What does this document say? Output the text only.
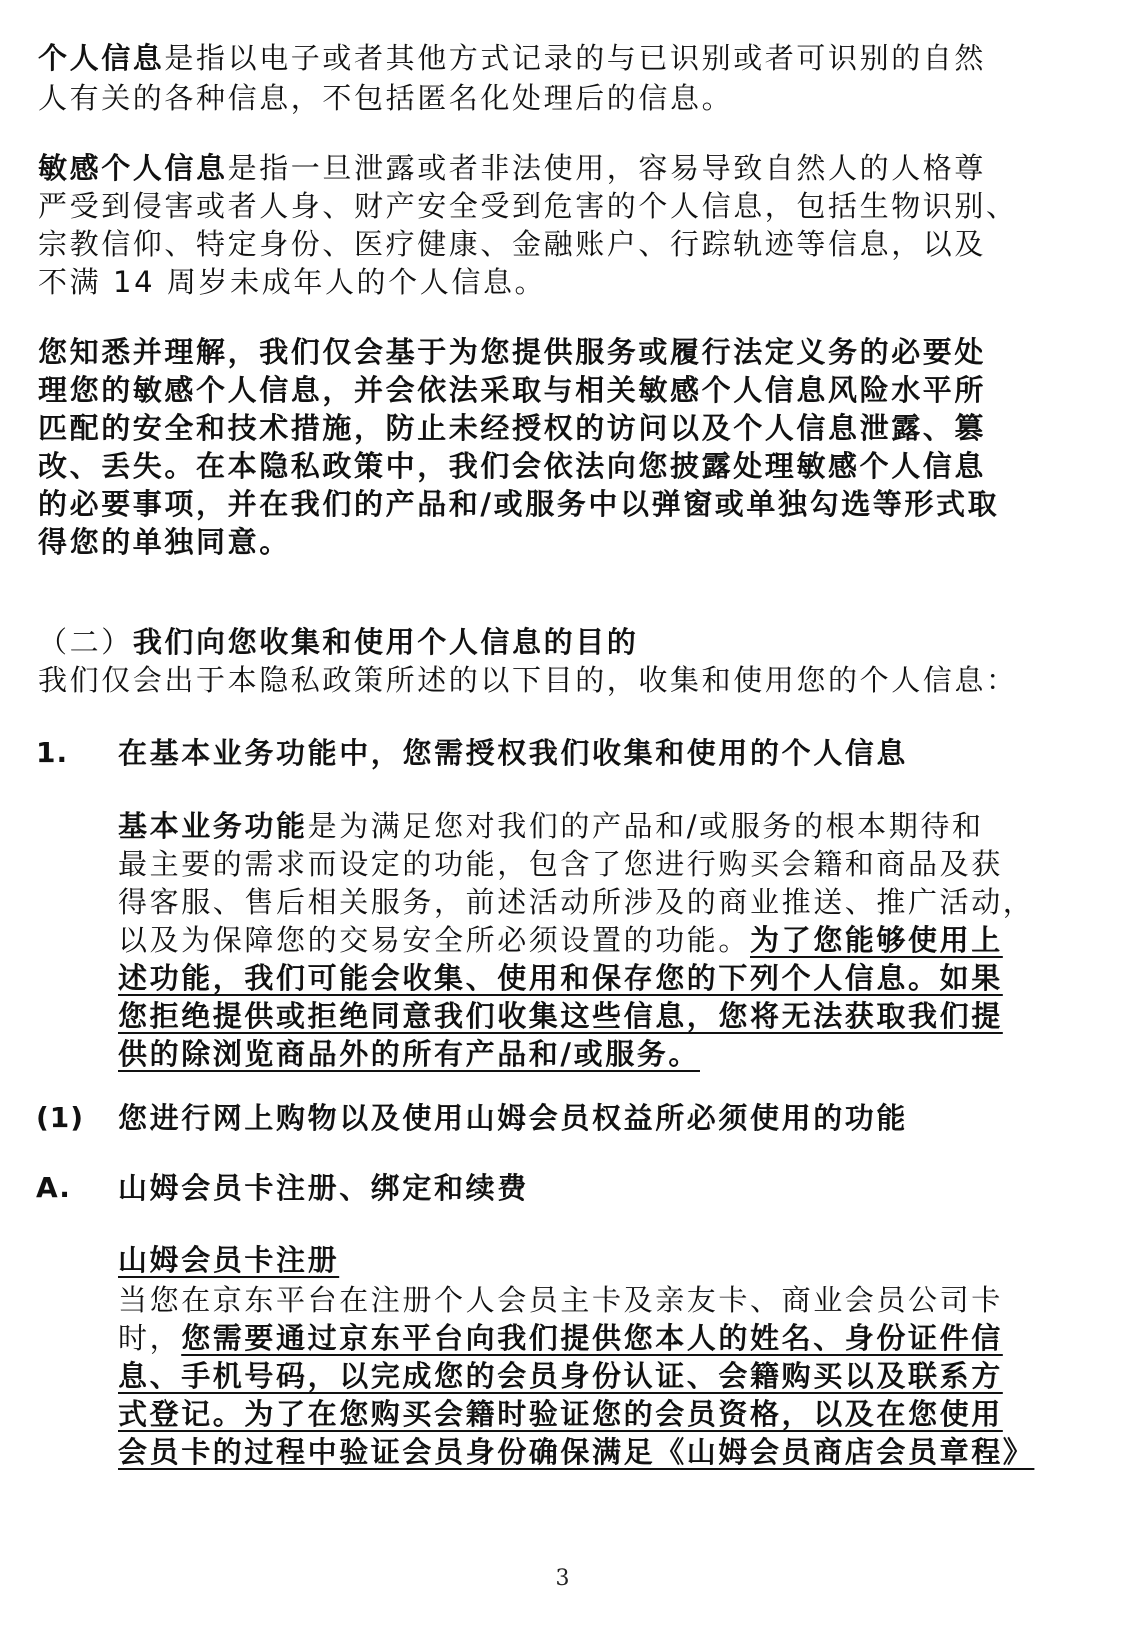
个人信息是指以电子或者其他方式记录的与已识别或者可识别的自然
人有关的各种信息，不包括匿名化处理后的信息。
敏感个人信息是指一旦泄露或者非法使用，容易导致自然人的人格尊
严受到侵害或者人身、财产安全受到危害的个人信息，包括生物识别、
宗教信仰、特定身份、医疗健康、金融账户、行踪轨迹等信息，以及
不满 14 周岁未成年人的个人信息。
您知悉并理解，我们仅会基于为您提供服务或履行法定义务的必要处
理您的敏感个人信息，并会依法采取与相关敏感个人信息风险水平所
匹配的安全和技术措施，防止未经授权的访问以及个人信息泄露、篡
改、丢失。在本隐私政策中，我们会依法向您披露处理敏感个人信息
的必要事项，并在我们的产品和/或服务中以弹窗或单独勾选等形式取
得您的单独同意。
（二）我们向您收集和使用个人信息的目的
我们仅会出于本隐私政策所述的以下目的，收集和使用您的个人信息：
1. 在基本业务功能中，您需授权我们收集和使用的个人信息
基本业务功能是为满足您对我们的产品和/或服务的根本期待和
最主要的需求而设定的功能，包含了您进行购买会籍和商品及获
得客服、售后相关服务，前述活动所涉及的商业推送、推广活动，
以及为保障您的交易安全所必须设置的功能。为了您能够使用上
述功能，我们可能会收集、使用和保存您的下列个人信息。如果
您拒绝提供或拒绝同意我们收集这些信息，您将无法获取我们提
供的除浏览商品外的所有产品和/或服务。
(1) 您进行网上购物以及使用山姆会员权益所必须使用的功能
A. 山姆会员卡注册、绑定和续费
山姆会员卡注册
当您在京东平台在注册个人会员主卡及亲友卡、商业会员公司卡
时，您需要通过京东平台向我们提供您本人的姓名、身份证件信
息、手机号码，以完成您的会员身份认证、会籍购买以及联系方
式登记。为了在您购买会籍时验证您的会员资格，以及在您使用
会员卡的过程中验证会员身份确保满足《山姆会员商店会员章程》
3
